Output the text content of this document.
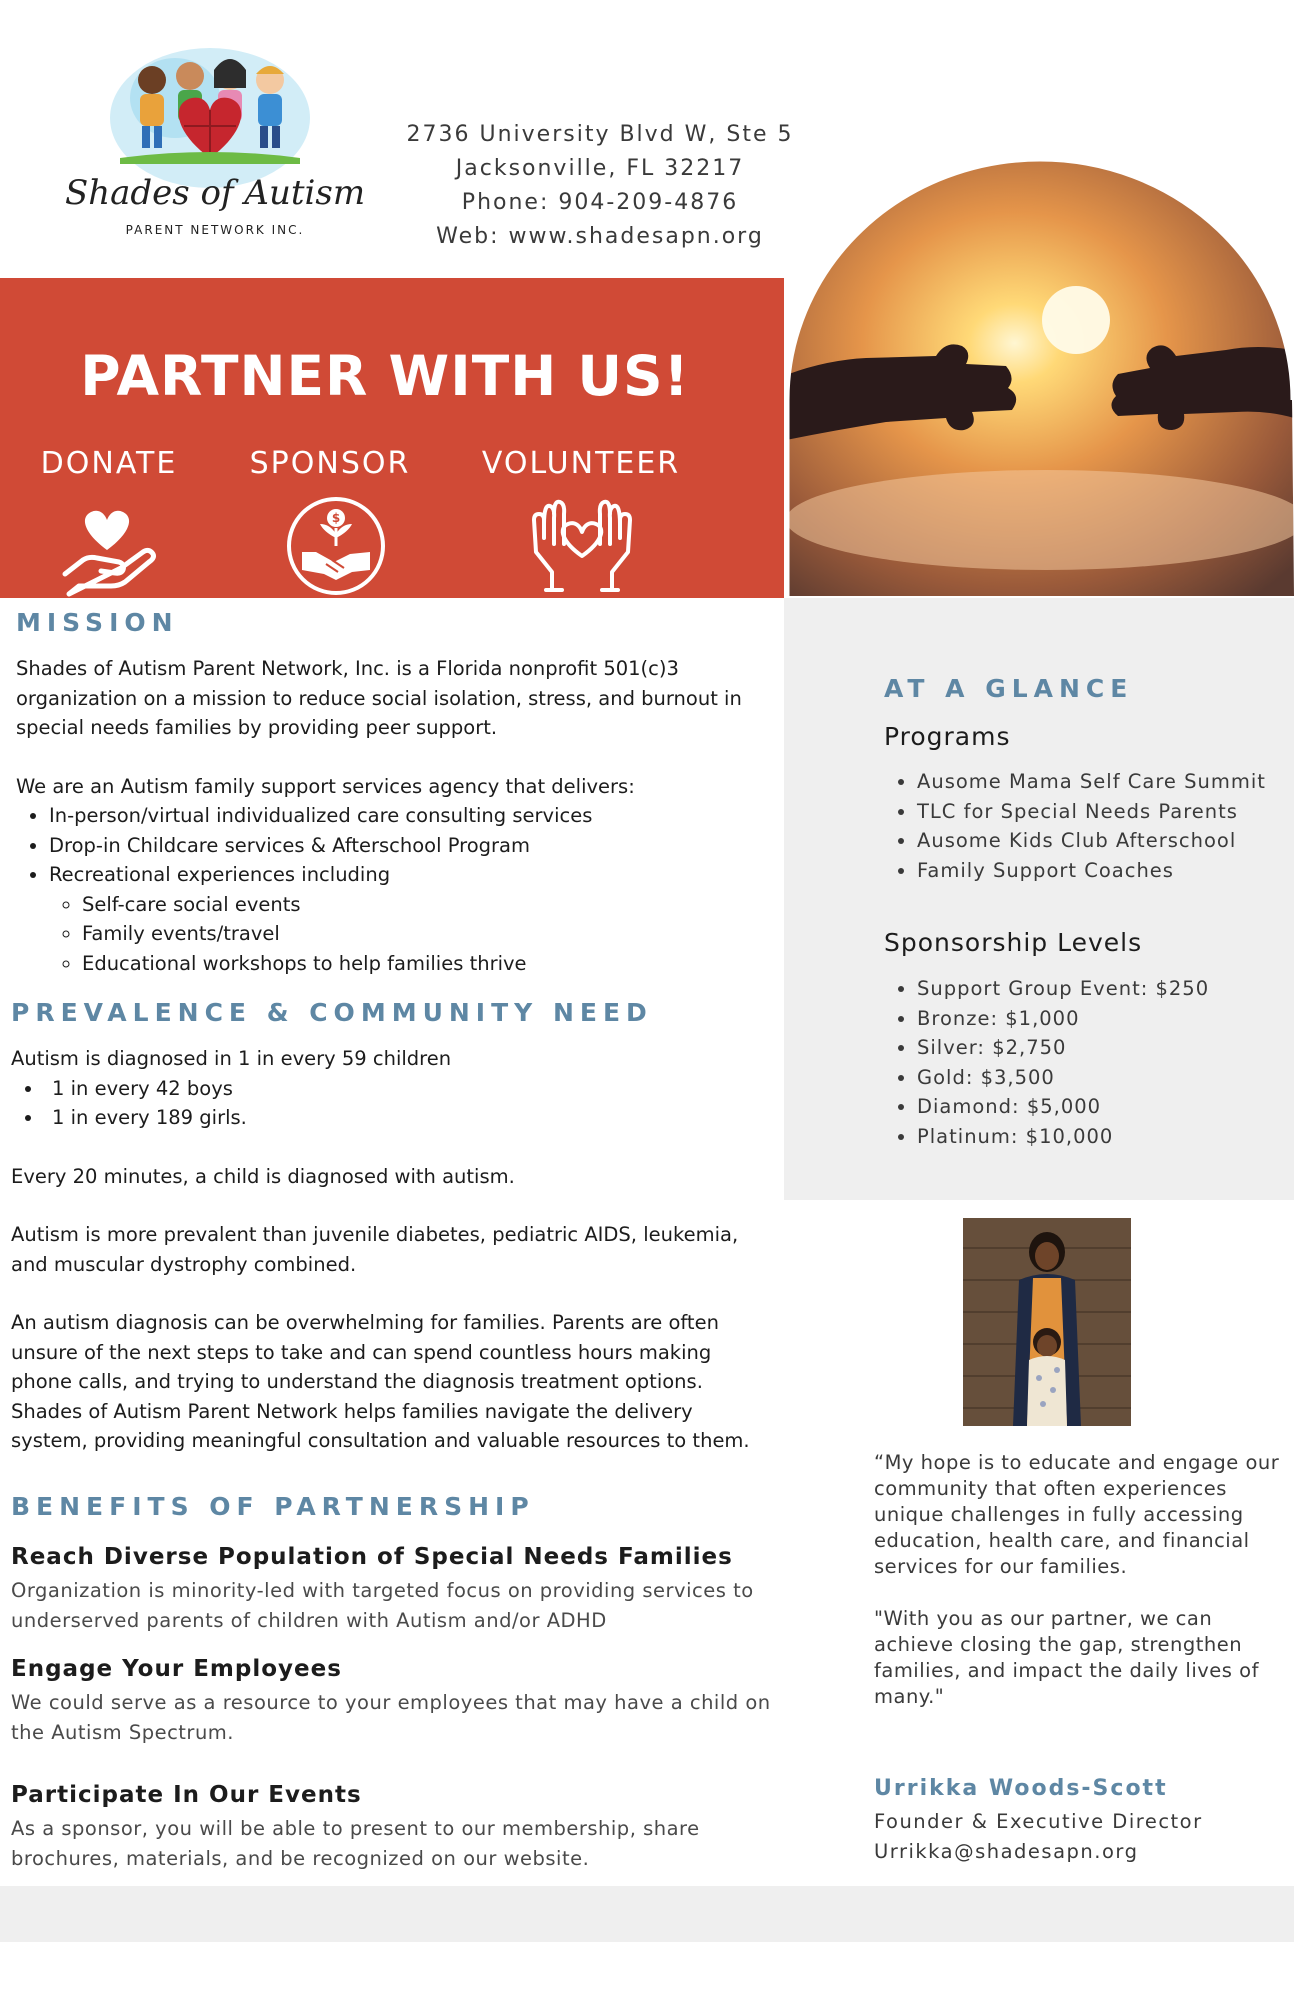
Shades of Autism
PARENT NETWORK INC.
2736 University Blvd W, Ste 5
Jacksonville, FL 32217
Phone: 904-209-4876
Web: www.shadesapn.org
PARTNER WITH US!
DONATE	SPONSOR	VOLUNTEER
$
MISSION

Shades of Autism Parent Network, Inc. is a Florida nonprofit 501(c)3 organization on a mission to reduce social isolation, stress, and burnout in special needs families by providing peer support.

We are an Autism family support services agency that delivers:

• In-person/virtual individualized care consulting services
• Drop-in Childcare services & Afterschool Program
• Recreational experiences including
◦ Self-care social events
◦ Family events/travel
◦ Educational workshops to help families thrive
PREVALENCE & COMMUNITY NEED

Autism is diagnosed in 1 in every 59 children

• 1 in every 42 boys
• 1 in every 189 girls.

Every 20 minutes, a child is diagnosed with autism.

Autism is more prevalent than juvenile diabetes, pediatric AIDS, leukemia, and muscular dystrophy combined.

An autism diagnosis can be overwhelming for families. Parents are often unsure of the next steps to take and can spend countless hours making phone calls, and trying to understand the diagnosis treatment options. Shades of Autism Parent Network helps families navigate the delivery system, providing meaningful consultation and valuable resources to them.

BENEFITS OF PARTNERSHIP
Reach Diverse Population of Special Needs Families
Organization is minority-led with targeted focus on providing services to underserved parents of children with Autism and/or ADHD
Engage Your Employees
We could serve as a resource to your employees that may have a child on the Autism Spectrum.
Participate In Our Events
As a sponsor, you will be able to present to our membership, share brochures, materials, and be recognized on our website.
AT A GLANCE
Programs
• Ausome Mama Self Care Summit
• TLC for Special Needs Parents
• Ausome Kids Club Afterschool
• Family Support Coaches
Sponsorship Levels
• Support Group Event: $250
• Bronze: $1,000
• Silver: $2,750
• Gold: $3,500
• Diamond: $5,000
• Platinum: $10,000

“My hope is to educate and engage our community that often experiences unique challenges in fully accessing education, health care, and financial services for our families.

"With you as our partner, we can achieve closing the gap, strengthen families, and impact the daily lives of many."

Urrikka Woods-Scott
Founder & Executive Director
Urrikka@shadesapn.org
